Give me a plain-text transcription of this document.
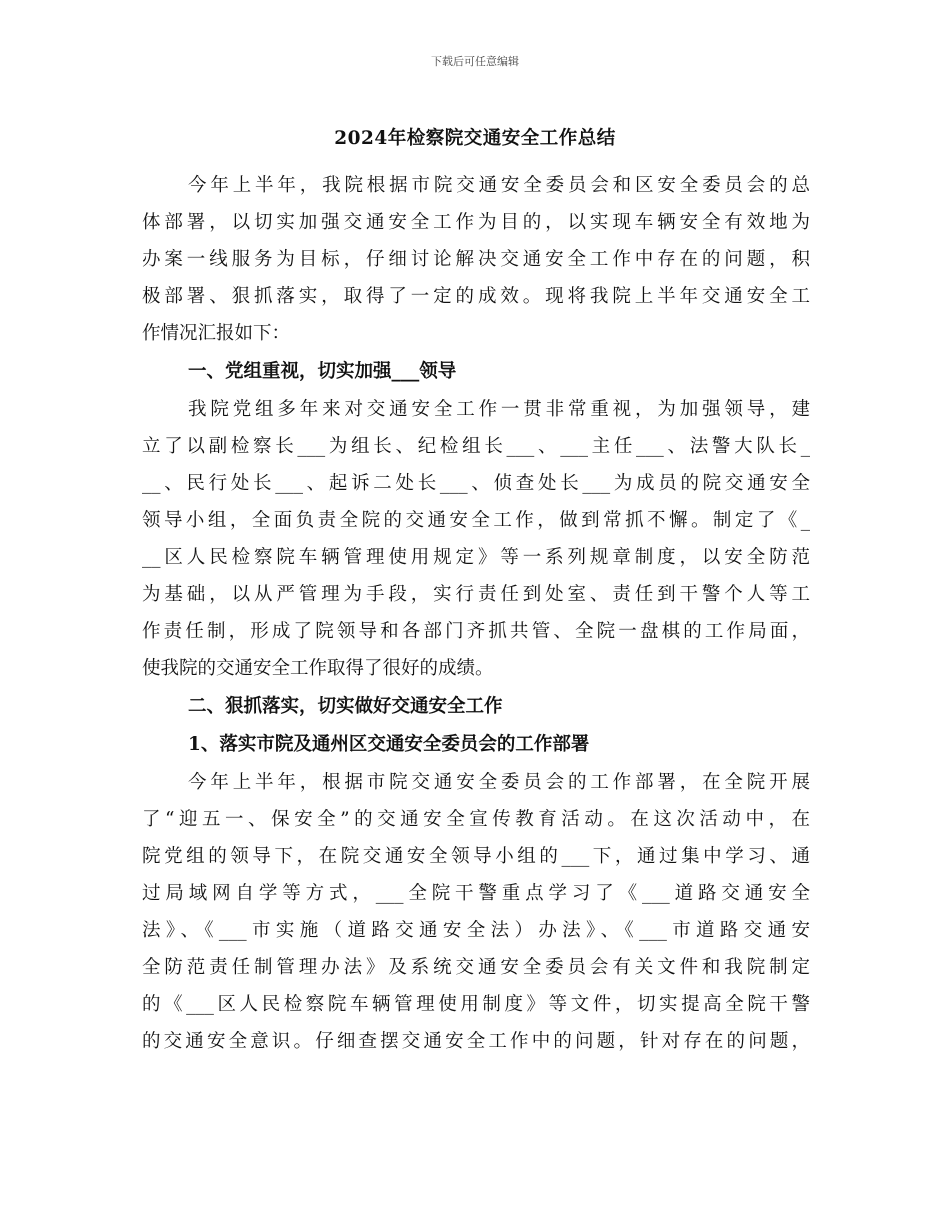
下载后可任意编辑
2024年检察院交通安全工作总结
今年上半年，我院根据市院交通安全委员会和区安全委员会的总
体部署，以切实加强交通安全工作为目的，以实现车辆安全有效地为
办案一线服务为目标，仔细讨论解决交通安全工作中存在的问题，积
极部署、狠抓落实，取得了一定的成效。现将我院上半年交通安全工
作情况汇报如下：
一、党组重视，切实加强___领导
我院党组多年来对交通安全工作一贯非常重视，为加强领导，建
立了以副检察长___为组长、纪检组长___、___主任___、法警大队长_
__、民行处长___、起诉二处长___、侦查处长___为成员的院交通安全
领导小组，全面负责全院的交通安全工作，做到常抓不懈。制定了《_
__区人民检察院车辆管理使用规定》等一系列规章制度，以安全防范
为基础，以从严管理为手段，实行责任到处室、责任到干警个人等工
作责任制，形成了院领导和各部门齐抓共管、全院一盘棋的工作局面，
使我院的交通安全工作取得了很好的成绩。
二、狠抓落实，切实做好交通安全工作
1、落实市院及通州区交通安全委员会的工作部署
今年上半年，根据市院交通安全委员会的工作部署，在全院开展
了“迎五一、保安全”的交通安全宣传教育活动。在这次活动中，在
院党组的领导下，在院交通安全领导小组的___下，通过集中学习、通
过局域网自学等方式，___全院干警重点学习了《___道路交通安全
法》、《___市实施（道路交通安全法）办法》、《___市道路交通安
全防范责任制管理办法》及系统交通安全委员会有关文件和我院制定
的《___区人民检察院车辆管理使用制度》等文件，切实提高全院干警
的交通安全意识。仔细查摆交通安全工作中的问题，针对存在的问题，
